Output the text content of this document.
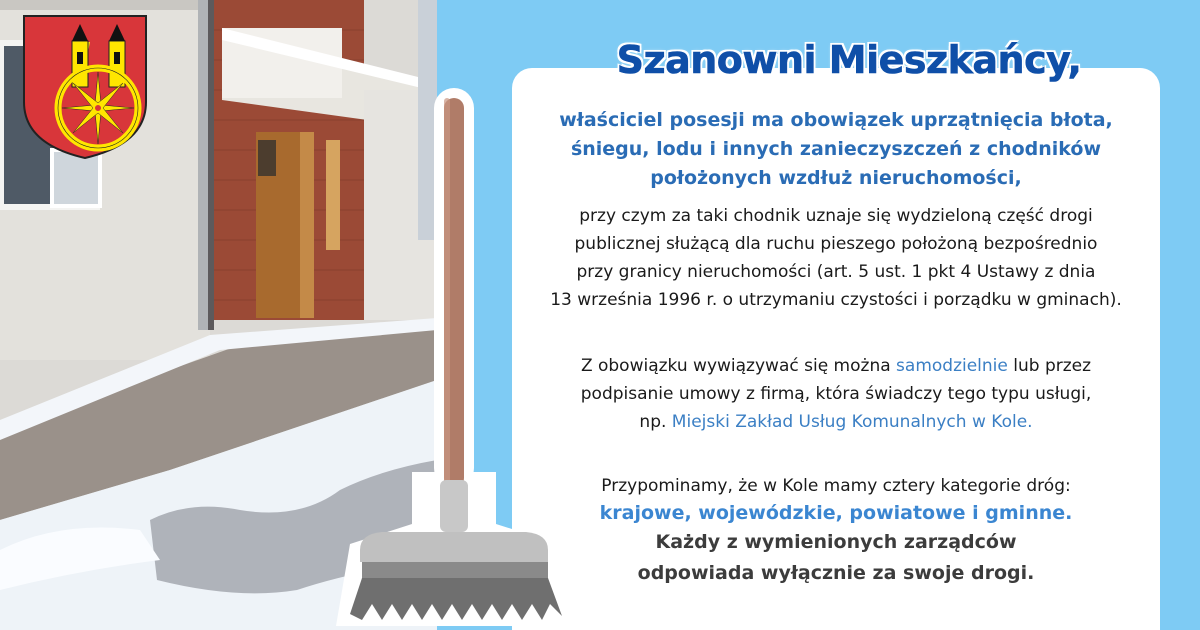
Szanowni Mieszkańcy,
właściciel posesji ma obowiązek uprzątnięcia błota,
śniegu, lodu i innych zanieczyszczeń z chodników
położonych wzdłuż nieruchomości,
przy czym za taki chodnik uznaje się wydzieloną część drogi
publicznej służącą dla ruchu pieszego położoną bezpośrednio
przy granicy nieruchomości (art. 5 ust. 1 pkt 4 Ustawy z dnia
13 września 1996 r. o utrzymaniu czystości i porządku w gminach).
Z obowiązku wywiązywać się można samodzielnie lub przez
podpisanie umowy z firmą, która świadczy tego typu usługi,
np. Miejski Zakład Usług Komunalnych w Kole.
Przypominamy, że w Kole mamy cztery kategorie dróg:
krajowe, wojewódzkie, powiatowe i gminne.
Każdy z wymienionych zarządców
odpowiada wyłącznie za swoje drogi.
